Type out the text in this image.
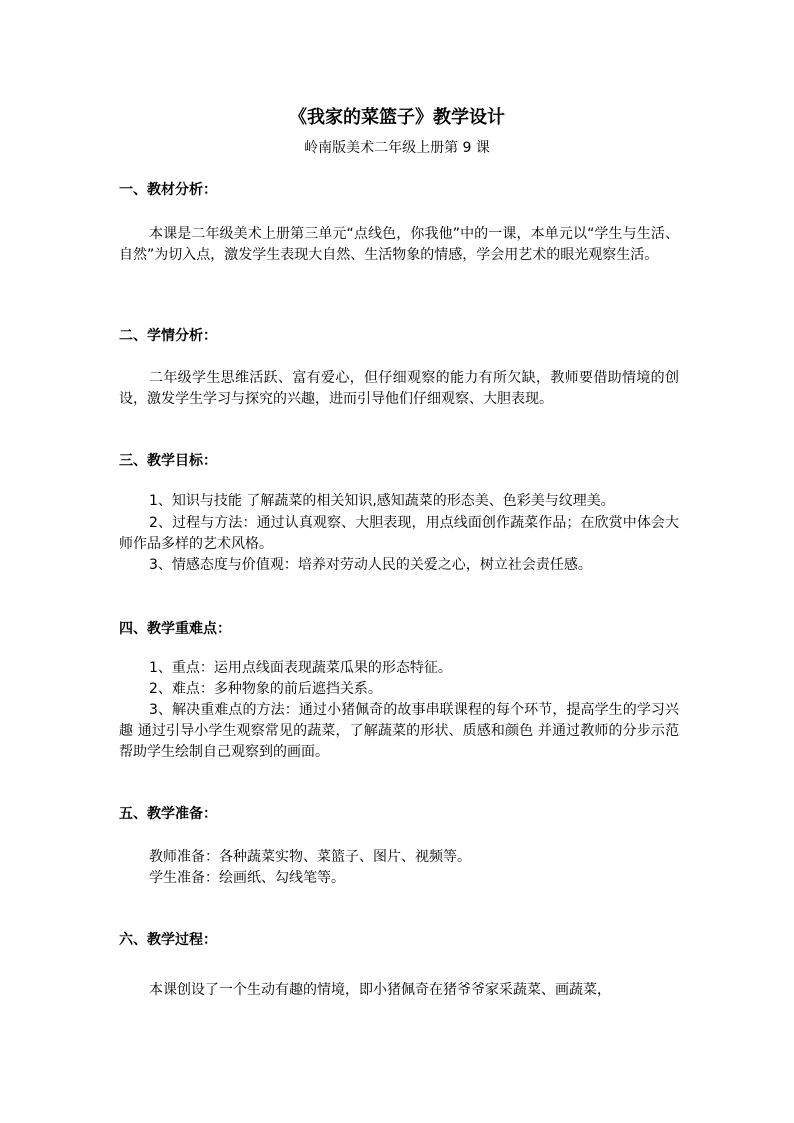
《我家的菜篮子》教学设计
岭南版美术二年级上册第 9 课
一、教材分析：
本课是二年级美术上册第三单元“点线色，你我他”中的一课，本单元以“学生与生活、自然”为切入点，激发学生表现大自然、生活物象的情感，学会用艺术的眼光观察生活。
二、学情分析：
二年级学生思维活跃、富有爱心，但仔细观察的能力有所欠缺，教师要借助情境的创设，激发学生学习与探究的兴趣，进而引导他们仔细观察、大胆表现。
三、教学目标：
1、知识与技能 了解蔬菜的相关知识,感知蔬菜的形态美、色彩美与纹理美。
2、过程与方法：通过认真观察、大胆表现，用点线面创作蔬菜作品；在欣赏中体会大师作品多样的艺术风格。
3、情感态度与价值观：培养对劳动人民的关爱之心，树立社会责任感。
四、教学重难点：
1、重点：运用点线面表现蔬菜瓜果的形态特征。
2、难点：多种物象的前后遮挡关系。
3、解决重难点的方法：通过小猪佩奇的故事串联课程的每个环节，提高学生的学习兴趣 通过引导小学生观察常见的蔬菜，了解蔬菜的形状、质感和颜色 并通过教师的分步示范帮助学生绘制自己观察到的画面。
五、教学准备：
教师准备：各种蔬菜实物、菜篮子、图片、视频等。
学生准备：绘画纸、勾线笔等。
六、教学过程：
本课创设了一个生动有趣的情境，即小猪佩奇在猪爷爷家采蔬菜、画蔬菜，
